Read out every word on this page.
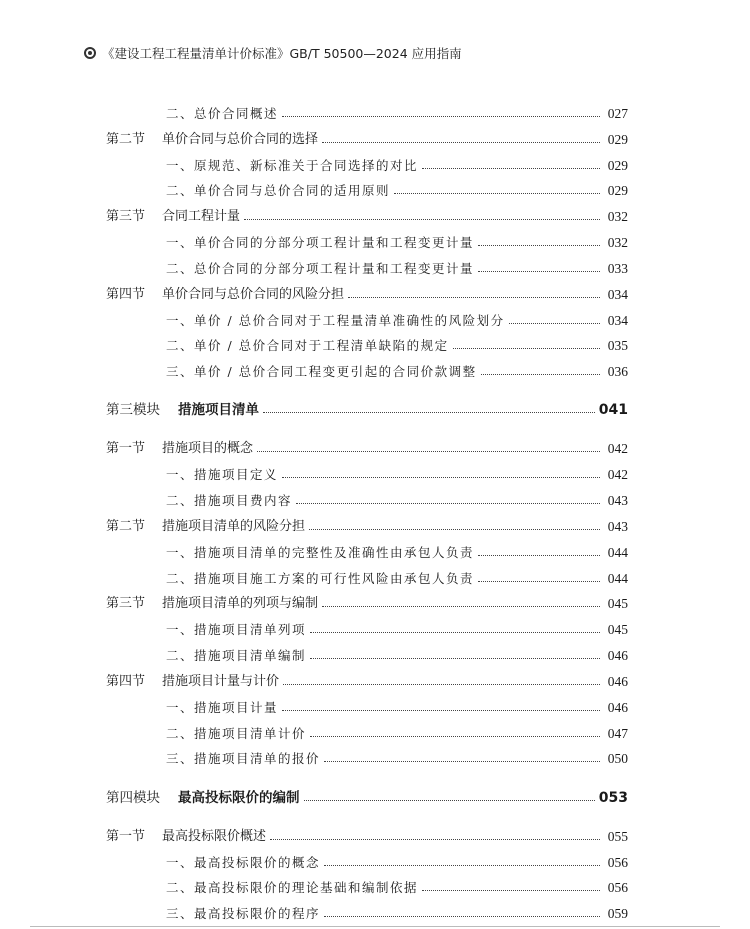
《建设工程工程量清单计价标准》GB/T 50500—2024 应用指南
二、总价合同概述	027
第二节	单价合同与总价合同的选择	029
一、原规范、新标准关于合同选择的对比	029
二、单价合同与总价合同的适用原则	029
第三节	合同工程计量	032
一、单价合同的分部分项工程计量和工程变更计量	032
二、总价合同的分部分项工程计量和工程变更计量	033
第四节	单价合同与总价合同的风险分担	034
一、单价 / 总价合同对于工程量清单准确性的风险划分	034
二、单价 / 总价合同对于工程清单缺陷的规定	035
三、单价 / 总价合同工程变更引起的合同价款调整	036
第三模块	措施项目清单	041
第一节	措施项目的概念	042
一、措施项目定义	042
二、措施项目费内容	043
第二节	措施项目清单的风险分担	043
一、措施项目清单的完整性及准确性由承包人负责	044
二、措施项目施工方案的可行性风险由承包人负责	044
第三节	措施项目清单的列项与编制	045
一、措施项目清单列项	045
二、措施项目清单编制	046
第四节	措施项目计量与计价	046
一、措施项目计量	046
二、措施项目清单计价	047
三、措施项目清单的报价	050
第四模块	最高投标限价的编制	053
第一节	最高投标限价概述	055
一、最高投标限价的概念	056
二、最高投标限价的理论基础和编制依据	056
三、最高投标限价的程序	059
